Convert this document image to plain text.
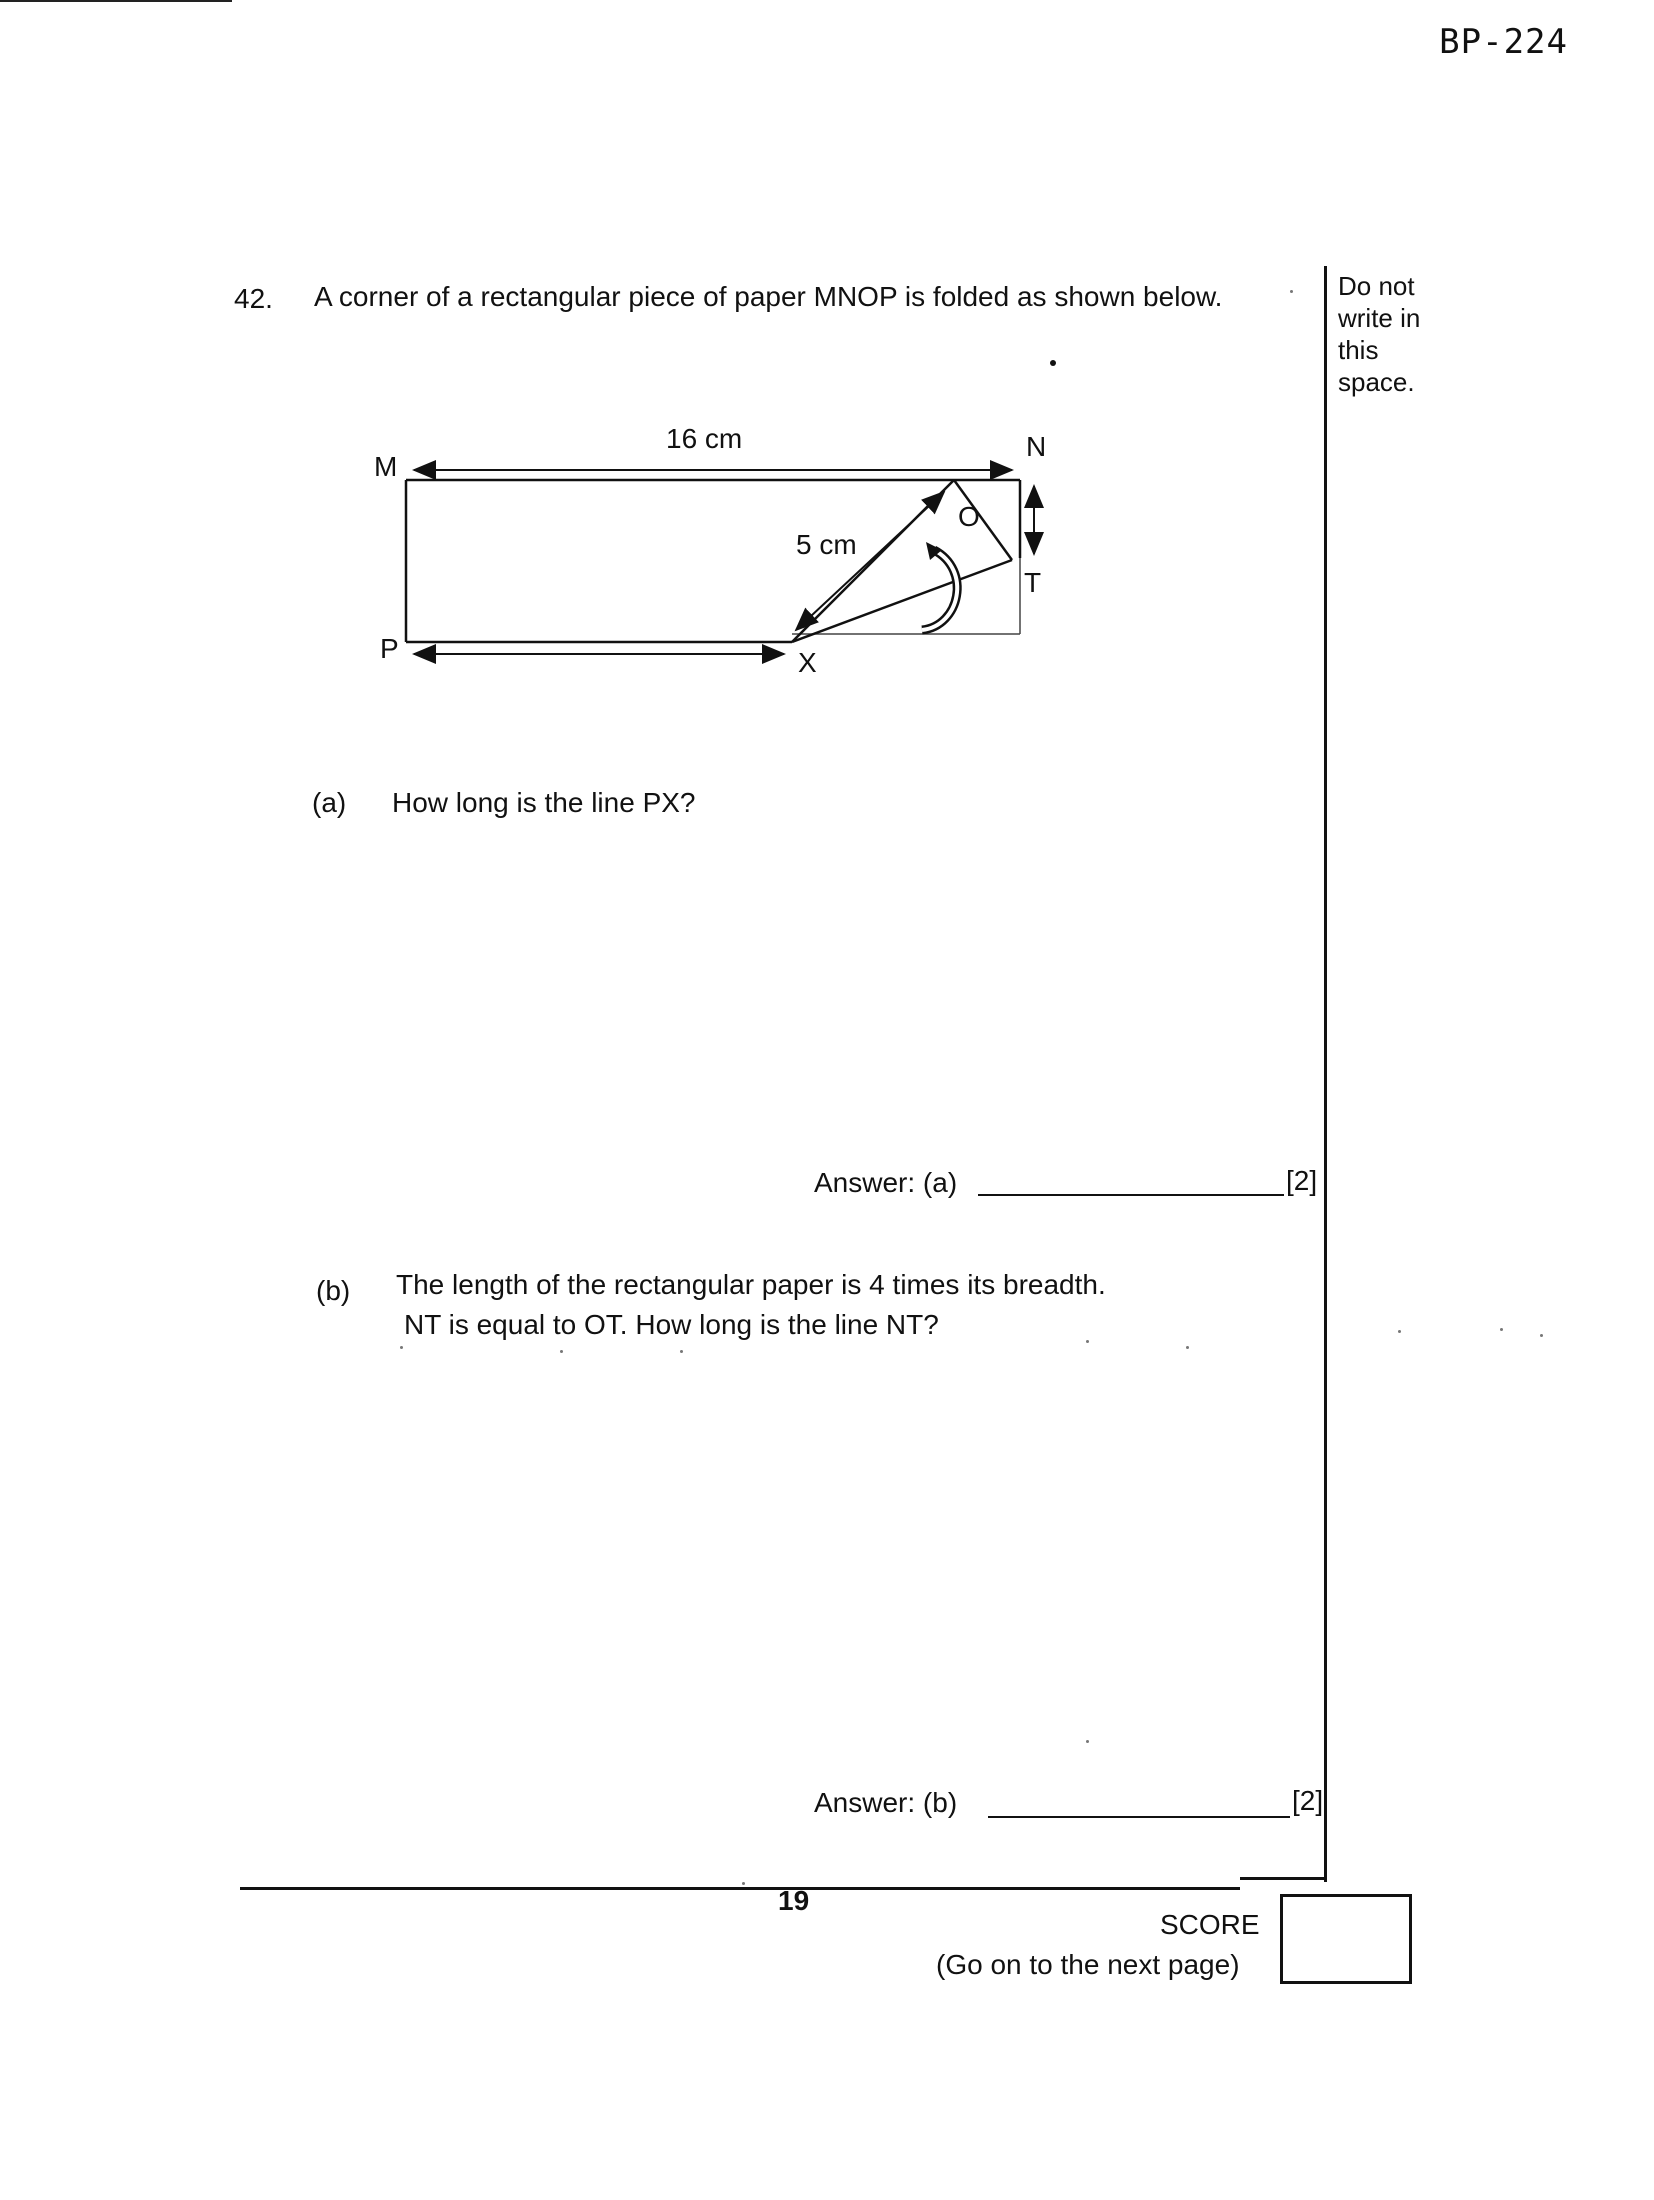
BP-224
Do not
write in
this
space.
42. A corner of a rectangular piece of paper MNOP is folded as shown below.
M
N
O
P
T
X
16 cm
5 cm
(a) How long is the line PX?
Answer: (a)	[2]
(b) The length of the rectangular paper is 4 times its breadth.
NT is equal to OT. How long is the line NT?
Answer: (b)	[2]
19
SCORE
(Go on to the next page)
